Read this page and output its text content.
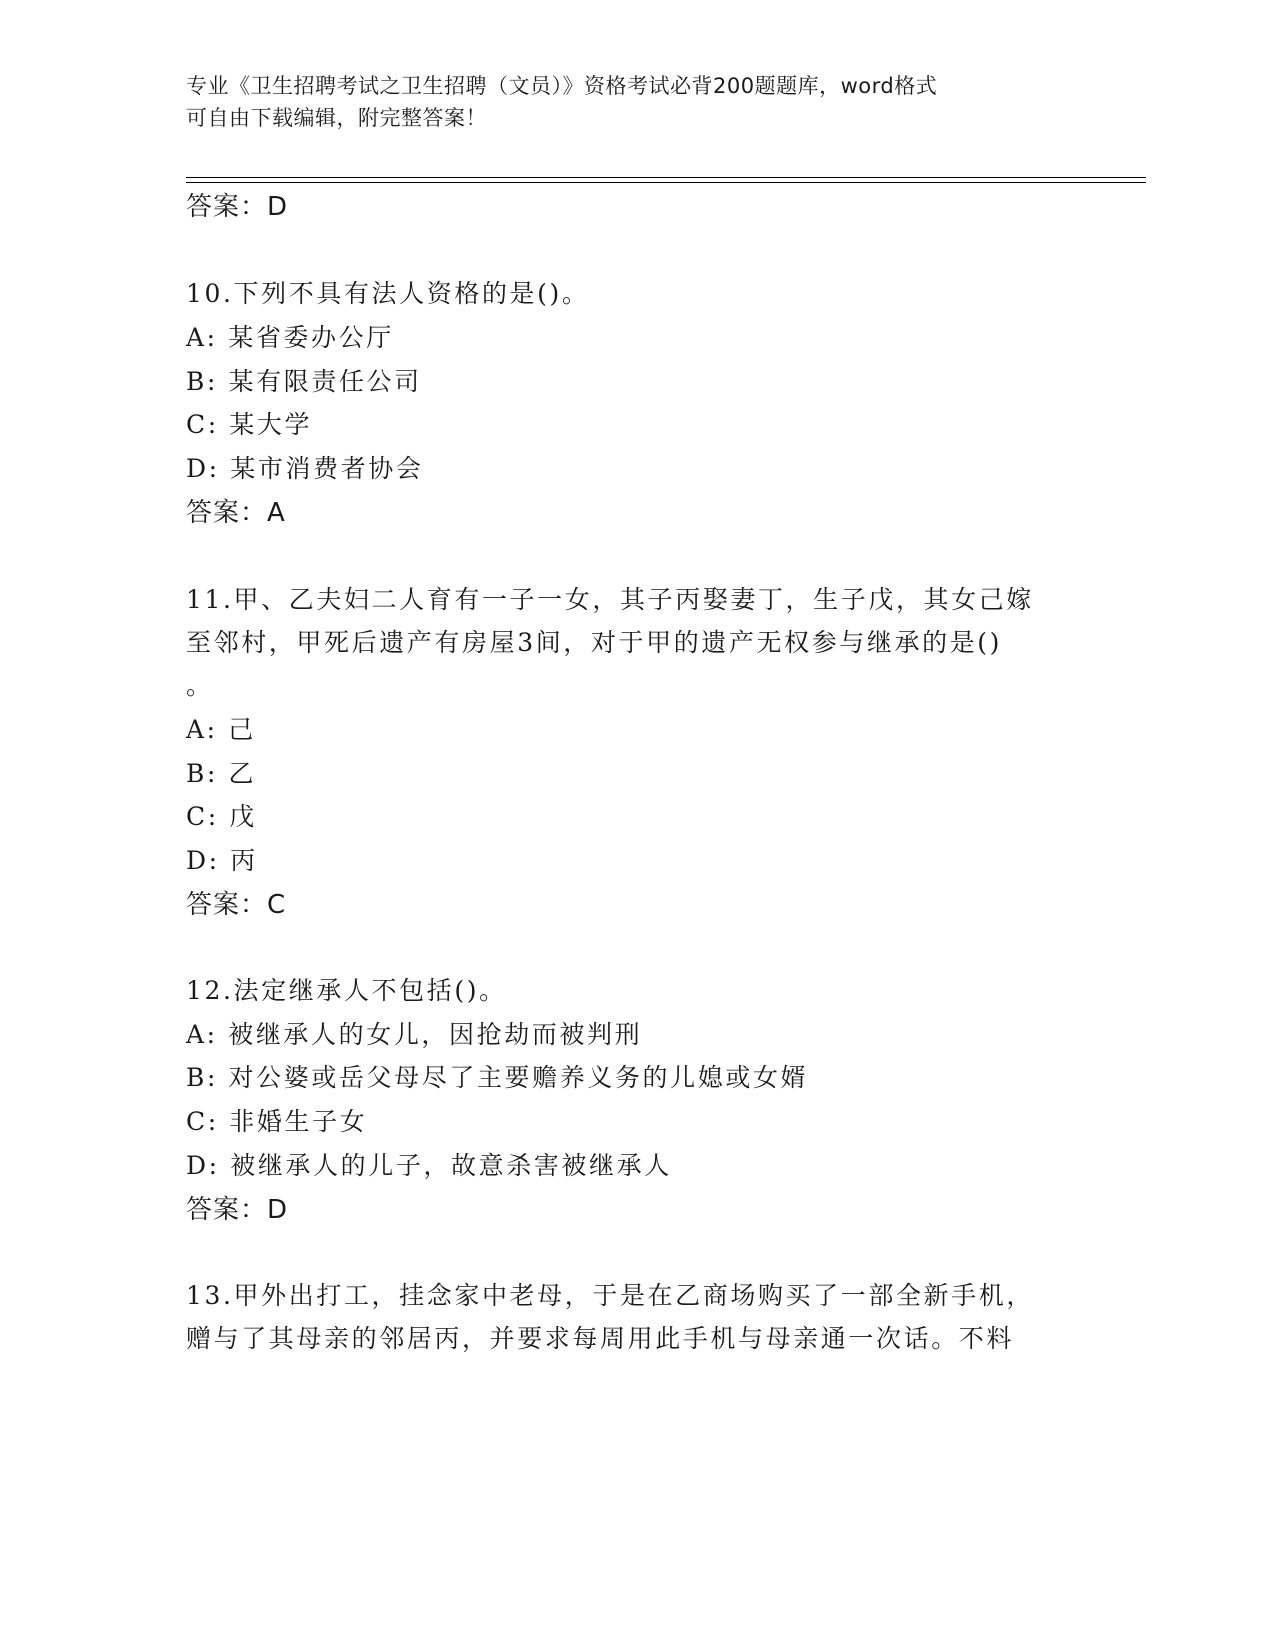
专业《卫生招聘考试之卫生招聘（文员）》资格考试必背200题题库，word格式
可自由下载编辑，附完整答案！
答案：D
10.下列不具有法人资格的是()。
A: 某省委办公厅
B: 某有限责任公司
C: 某大学
D: 某市消费者协会
答案：A
11.甲、乙夫妇二人育有一子一女，其子丙娶妻丁，生子戊，其女己嫁
至邻村，甲死后遗产有房屋3间，对于甲的遗产无权参与继承的是()
。
A: 己
B: 乙
C: 戊
D: 丙
答案：C
12.法定继承人不包括()。
A: 被继承人的女儿，因抢劫而被判刑
B: 对公婆或岳父母尽了主要赡养义务的儿媳或女婿
C: 非婚生子女
D: 被继承人的儿子，故意杀害被继承人
答案：D
13.甲外出打工，挂念家中老母，于是在乙商场购买了一部全新手机，
赠与了其母亲的邻居丙，并要求每周用此手机与母亲通一次话。不料
